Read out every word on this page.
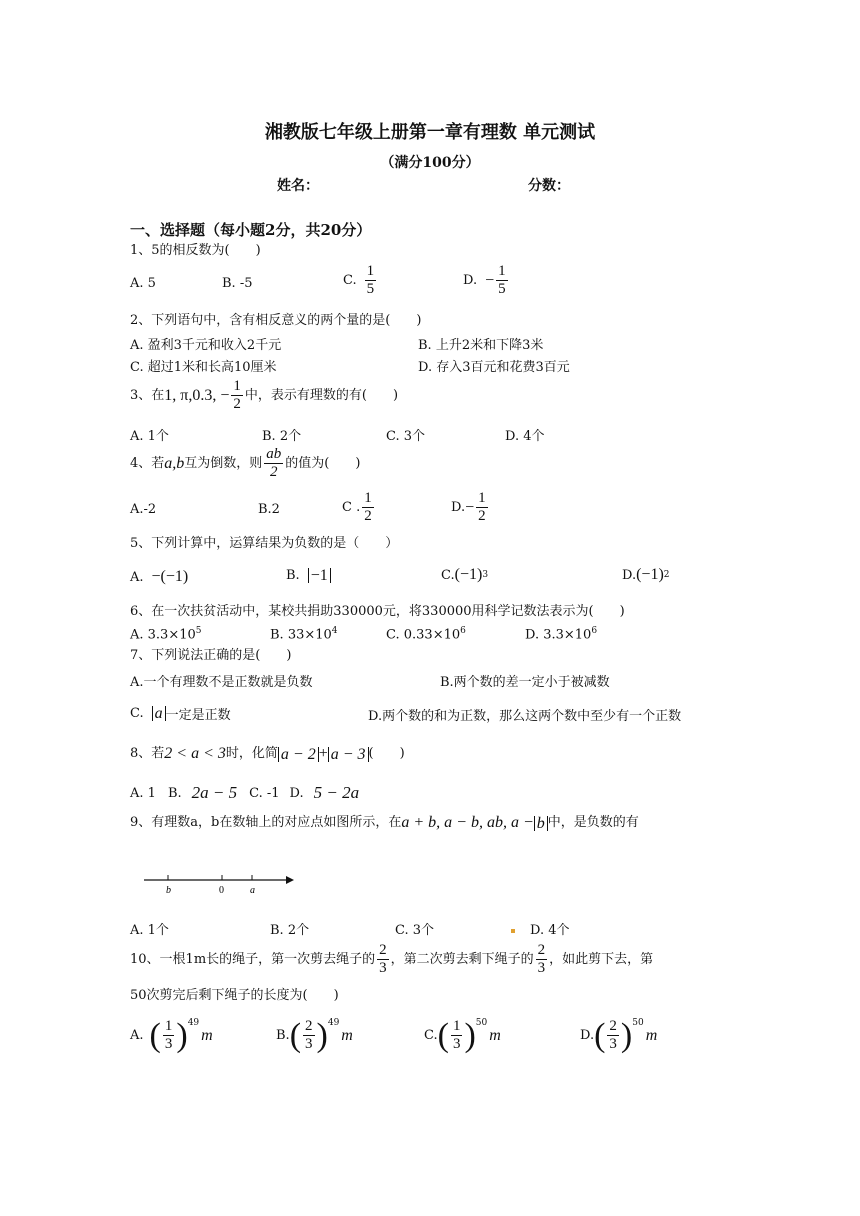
湘教版七年级上册第一章有理数 单元测试
（满分100分）
姓名：	分数：
一、选择题（每小题2分，共20分）
1、5的相反数为(　　)
A. 5	B. -5	C. $\frac{1}{5}$	D. − $\frac{1}{5}$
2、下列语句中，含有相反意义的两个量的是(　　)
A. 盈利3千元和收入2千元	B. 上升2米和下降3米
C. 超过1米和长高10厘米	D. 存入3百元和花费3百元
3、在 1, π,0.3, − $\frac{1}{2}$ 中，表示有理数的有(　　)
A. 1个	B. 2个	C. 3个	D. 4个
4、若 a,b 互为倒数，则 $\frac{ab}{2}$ 的值为(　　)
A.-2	B.2	C . $\frac{1}{2}$	D. − $\frac{1}{2}$
5、下列计算中，运算结果为负数的是（　　）
A. −(−1)	B. −1	C. (−1) 3	D. (−1) 2
6、在一次扶贫活动中，某校共捐助330000元，将330000用科学记数法表示为(　　)
A. $3.3\times 10^5$	B. $33\times 10^4$	C. $0.33\times 10^6$	D. $3.3\times 10^6$
7、下列说法正确的是(　　)
A.一个有理数不是正数就是负数	B.两个数的差一定小于被减数
C. a 一定是正数	D.两个数的和为正数，那么这两个数中至少有一个正数
8、若 2 < a < 3 时，化简 a − 2 + a − 3 (　　)
A. 1 B. 2a − 5 C. -1 D. 5 − 2a
9、有理数a，b在数轴上的对应点如图所示，在 a + b, a − b, ab, a − b 中，是负数的有
b	0	a
A. 1个	B. 2个	C. 3个	D. 4个
10、一根1m长的绳子，第一次剪去绳子的 $\frac{2}{3}$ ，第二次剪去剩下绳子的 $\frac{2}{3}$ ，如此剪下去，第
50次剪完后剩下绳子的长度为(　　)
A. ( $\frac{1}{3} )^{49}$
m	B. ( $\frac{2}{3} )^{49}$
m	C. ( $\frac{1}{3} )^{50}$
m	D. ( $\frac{2}{3} )^{50}$
m
